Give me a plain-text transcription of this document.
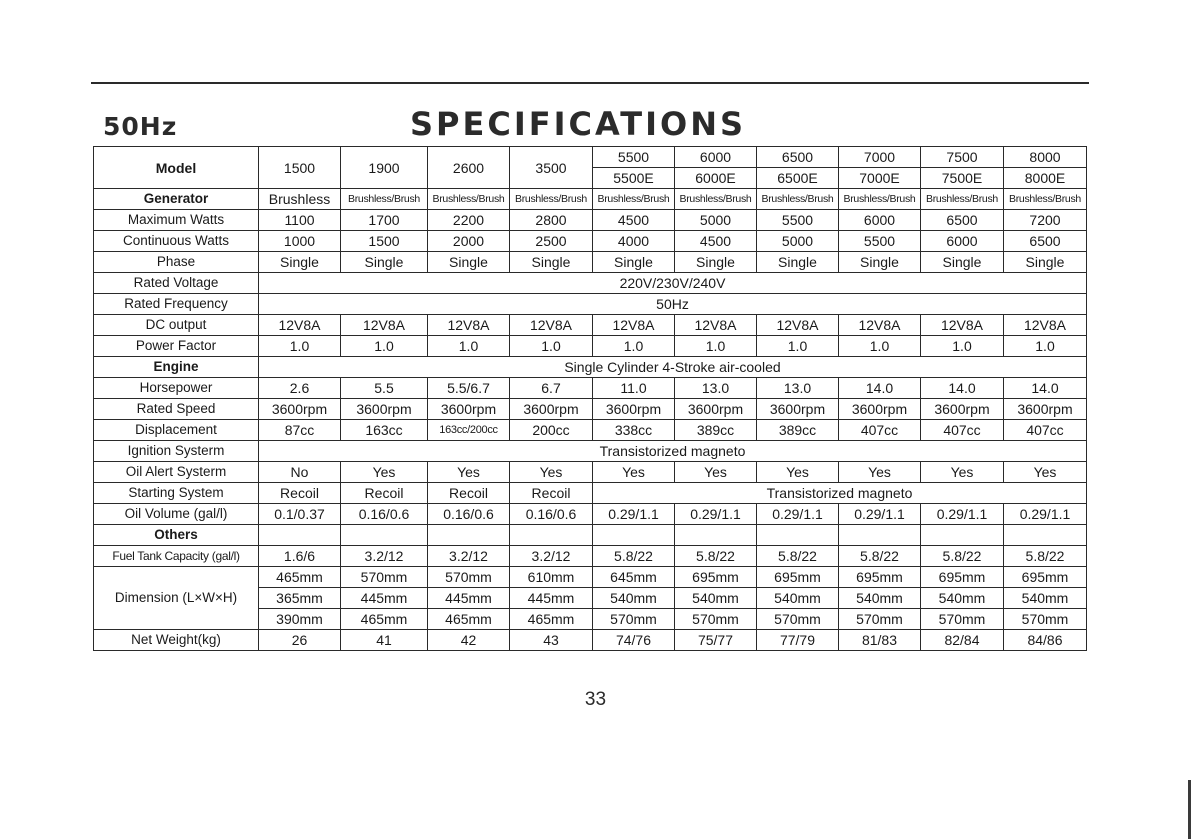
50Hz	SPECIFICATIONS
Model	1500	1900	2600	3500	5500	6000	6500	7000	7500	8000
					5500E	6000E	6500E	7000E	7500E	8000E
Generator	Brushless	Brushless/Brush	Brushless/Brush	Brushless/Brush	Brushless/Brush	Brushless/Brush	Brushless/Brush	Brushless/Brush	Brushless/Brush	Brushless/Brush
Maximum Watts	1100	1700	2200	2800	4500	5000	5500	6000	6500	7200
Continuous Watts	1000	1500	2000	2500	4000	4500	5000	5500	6000	6500
Phase	Single	Single	Single	Single	Single	Single	Single	Single	Single	Single
Rated Voltage	220V/230V/240V									
Rated Frequency	50Hz									
DC output	12V8A	12V8A	12V8A	12V8A	12V8A	12V8A	12V8A	12V8A	12V8A	12V8A
Power Factor	1.0	1.0	1.0	1.0	1.0	1.0	1.0	1.0	1.0	1.0
Engine	Single Cylinder 4-Stroke air-cooled									
Horsepower	2.6	5.5	5.5/6.7	6.7	11.0	13.0	13.0	14.0	14.0	14.0
Rated Speed	3600rpm	3600rpm	3600rpm	3600rpm	3600rpm	3600rpm	3600rpm	3600rpm	3600rpm	3600rpm
Displacement	87cc	163cc	163cc/200cc	200cc	338cc	389cc	389cc	407cc	407cc	407cc
Ignition Systerm	Transistorized magneto									
Oil Alert Systerm	No	Yes	Yes	Yes	Yes	Yes	Yes	Yes	Yes	Yes
Starting System	Recoil	Recoil	Recoil	Recoil	Transistorized magneto					
Oil Volume (gal/l)	0.1/0.37	0.16/0.6	0.16/0.6	0.16/0.6	0.29/1.1	0.29/1.1	0.29/1.1	0.29/1.1	0.29/1.1	0.29/1.1
Others										
Fuel Tank Capacity (gal/l)	1.6/6	3.2/12	3.2/12	3.2/12	5.8/22	5.8/22	5.8/22	5.8/22	5.8/22	5.8/22
Dimension (L×W×H)	465mm	570mm	570mm	610mm	645mm	695mm	695mm	695mm	695mm	695mm
	365mm	445mm	445mm	445mm	540mm	540mm	540mm	540mm	540mm	540mm
	390mm	465mm	465mm	465mm	570mm	570mm	570mm	570mm	570mm	570mm
Net Weight(kg)	26	41	42	43	74/76	75/77	77/79	81/83	82/84	84/86
33
